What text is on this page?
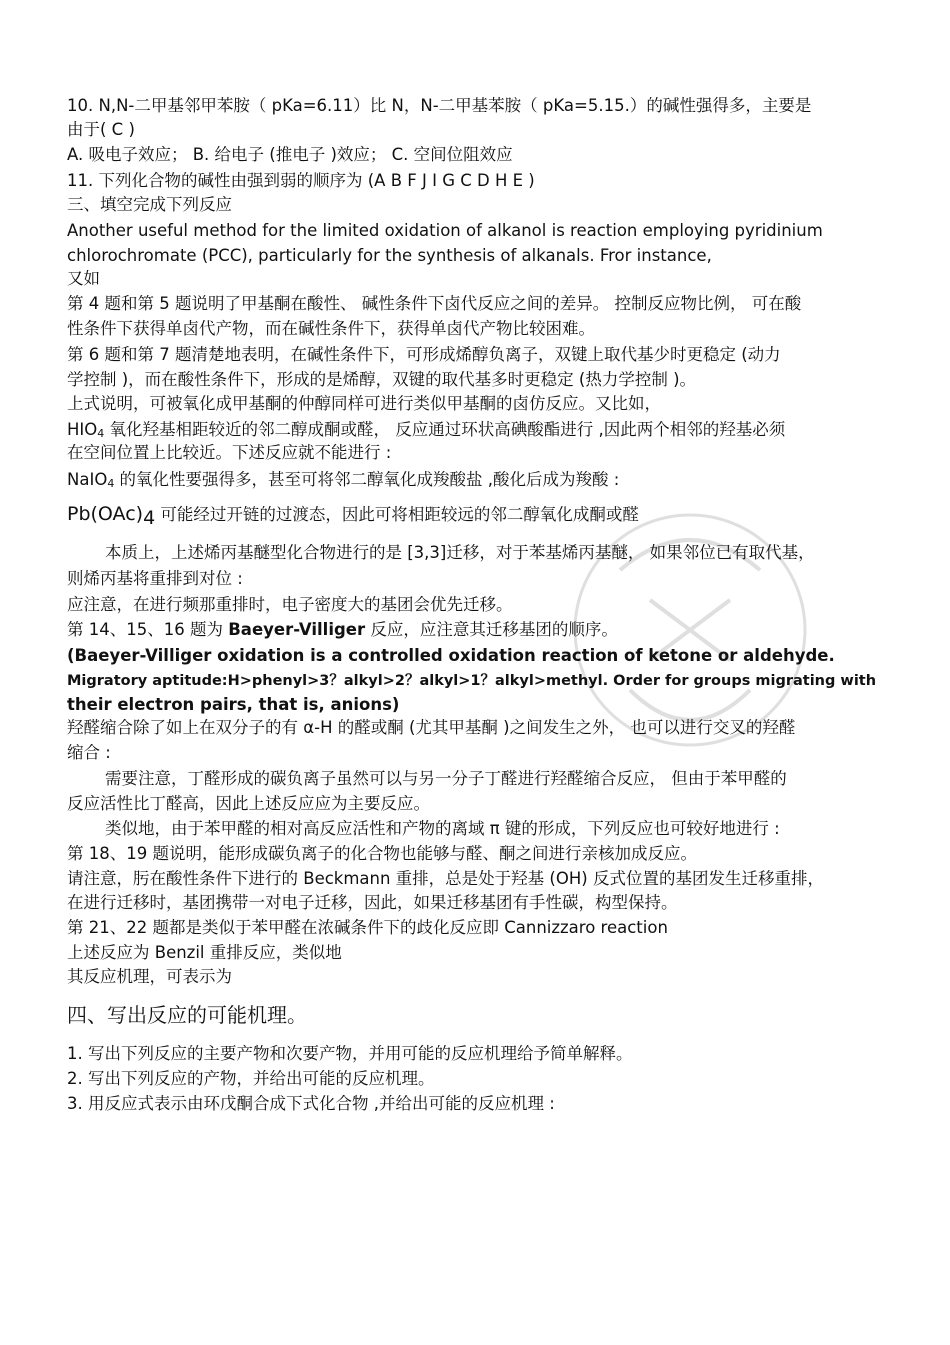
10. N,N-二甲基邻甲苯胺（ pKa=6.11）比 N，N-二甲基苯胺（ pKa=5.15.）的碱性强得多，主要是
由于( C )
A. 吸电子效应； B. 给电子 (推电子 )效应； C. 空间位阻效应
11. 下列化合物的碱性由强到弱的顺序为 (A B F J I G C D H E )
三、填空完成下列反应
Another useful method for the limited oxidation of alkanol is reaction employing pyridinium
chlorochromate (PCC), particularly for the synthesis of alkanals. Fror instance,
又如
第 4 题和第 5 题说明了甲基酮在酸性、 碱性条件下卤代反应之间的差异。 控制反应物比例， 可在酸
性条件下获得单卤代产物，而在碱性条件下，获得单卤代产物比较困难。
第 6 题和第 7 题清楚地表明，在碱性条件下，可形成烯醇负离子，双键上取代基少时更稳定 (动力
学控制 )，而在酸性条件下，形成的是烯醇，双键的取代基多时更稳定 (热力学控制 )。
上式说明，可被氧化成甲基酮的仲醇同样可进行类似甲基酮的卤仿反应。又比如，
HIO4 氧化羟基相距较近的邻二醇成酮或醛， 反应通过环状高碘酸酯进行 ,因此两个相邻的羟基必须
在空间位置上比较近。下述反应就不能进行 :
NaIO4 的氧化性要强得多，甚至可将邻二醇氧化成羧酸盐 ,酸化后成为羧酸 :
Pb(OAc)4 可能经过开链的过渡态，因此可将相距较远的邻二醇氧化成酮或醛
本质上，上述烯丙基醚型化合物进行的是 [3,3]迁移，对于苯基烯丙基醚， 如果邻位已有取代基，
则烯丙基将重排到对位 :
应注意，在进行频那重排时，电子密度大的基团会优先迁移。
第 14、15、16 题为 Baeyer-Villiger 反应，应注意其迁移基团的顺序。
(Baeyer-Villiger oxidation is a controlled oxidation reaction of ketone or aldehyde.
Migratory aptitude:H>phenyl>3？alkyl>2？alkyl>1？alkyl>methyl. Order for groups migrating with
their electron pairs, that is, anions)
羟醛缩合除了如上在双分子的有 α-H 的醛或酮 (尤其甲基酮 )之间发生之外， 也可以进行交叉的羟醛
缩合 :
需要注意，丁醛形成的碳负离子虽然可以与另一分子丁醛进行羟醛缩合反应， 但由于苯甲醛的
反应活性比丁醛高，因此上述反应应为主要反应。
类似地，由于苯甲醛的相对高反应活性和产物的离域 π 键的形成，下列反应也可较好地进行 :
第 18、19 题说明，能形成碳负离子的化合物也能够与醛、酮之间进行亲核加成反应。
请注意，肟在酸性条件下进行的 Beckmann 重排，总是处于羟基 (OH) 反式位置的基团发生迁移重排，
在进行迁移时，基团携带一对电子迁移，因此，如果迁移基团有手性碳，构型保持。
第 21、22 题都是类似于苯甲醛在浓碱条件下的歧化反应即 Cannizzaro reaction
上述反应为 Benzil 重排反应，类似地
其反应机理，可表示为
四、写出反应的可能机理。
1. 写出下列反应的主要产物和次要产物，并用可能的反应机理给予简单解释。
2. 写出下列反应的产物，并给出可能的反应机理。
3. 用反应式表示由环戊酮合成下式化合物 ,并给出可能的反应机理 :
